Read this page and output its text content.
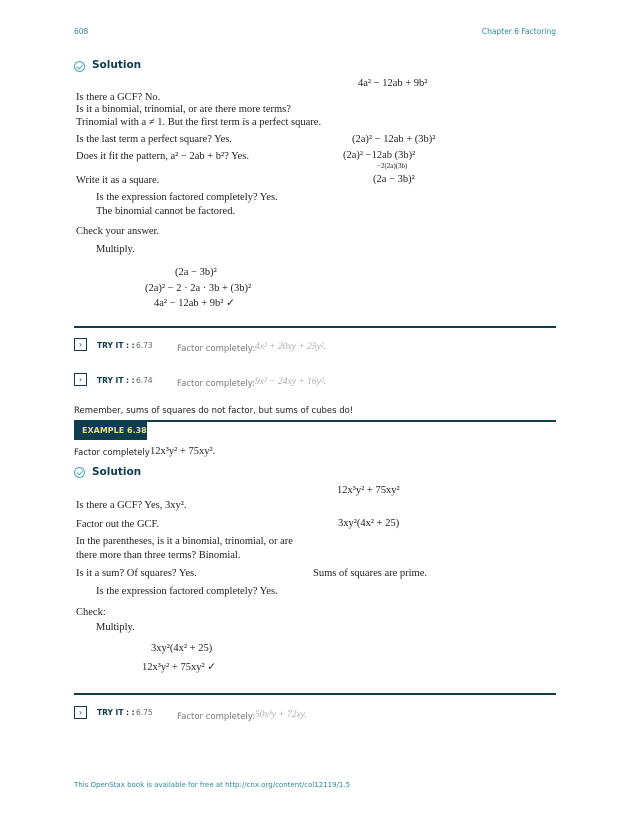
608	Chapter 6 Factoring
Solution
4a² − 12ab + 9b²
Is there a GCF? No.
Is it a binomial, trinomial, or are there more terms?
Trinomial with a ≠ 1. But the first term is a perfect square.
Is the last term a perfect square? Yes.	(2a)² − 12ab + (3b)²
Does it fit the pattern, a² − 2ab + b²? Yes.	(2a)² −12ab (3b)²
−2(2a)(3b)
Write it as a square.	(2a − 3b)²
Is the expression factored completely? Yes.
The binomial cannot be factored.
Check your answer.
Multiply.
(2a − 3b)²
(2a)² − 2 · 2a · 3b + (3b)²
4a² − 12ab + 9b² ✓
›	TRY IT : : 6.73	Factor completely: 4x² + 20xy + 25y².
›	TRY IT : : 6.74	Factor completely: 9x² − 24xy + 16y².
Remember, sums of squares do not factor, but sums of cubes do!
EXAMPLE 6.38
Factor completely 12x³y² + 75xy².
Solution
12x³y² + 75xy²
Is there a GCF? Yes, 3xy².
Factor out the GCF.	3xy²(4x² + 25)
In the parentheses, is it a binomial, trinomial, or are
there more than three terms? Binomial.
Is it a sum? Of squares? Yes.	Sums of squares are prime.
Is the expression factored completely? Yes.
Check:
Multiply.
3xy²(4x² + 25)
12x³y² + 75xy² ✓
›	TRY IT : : 6.75	Factor completely: 50x³y + 72xy.
This OpenStax book is available for free at http://cnx.org/content/col12119/1.5
